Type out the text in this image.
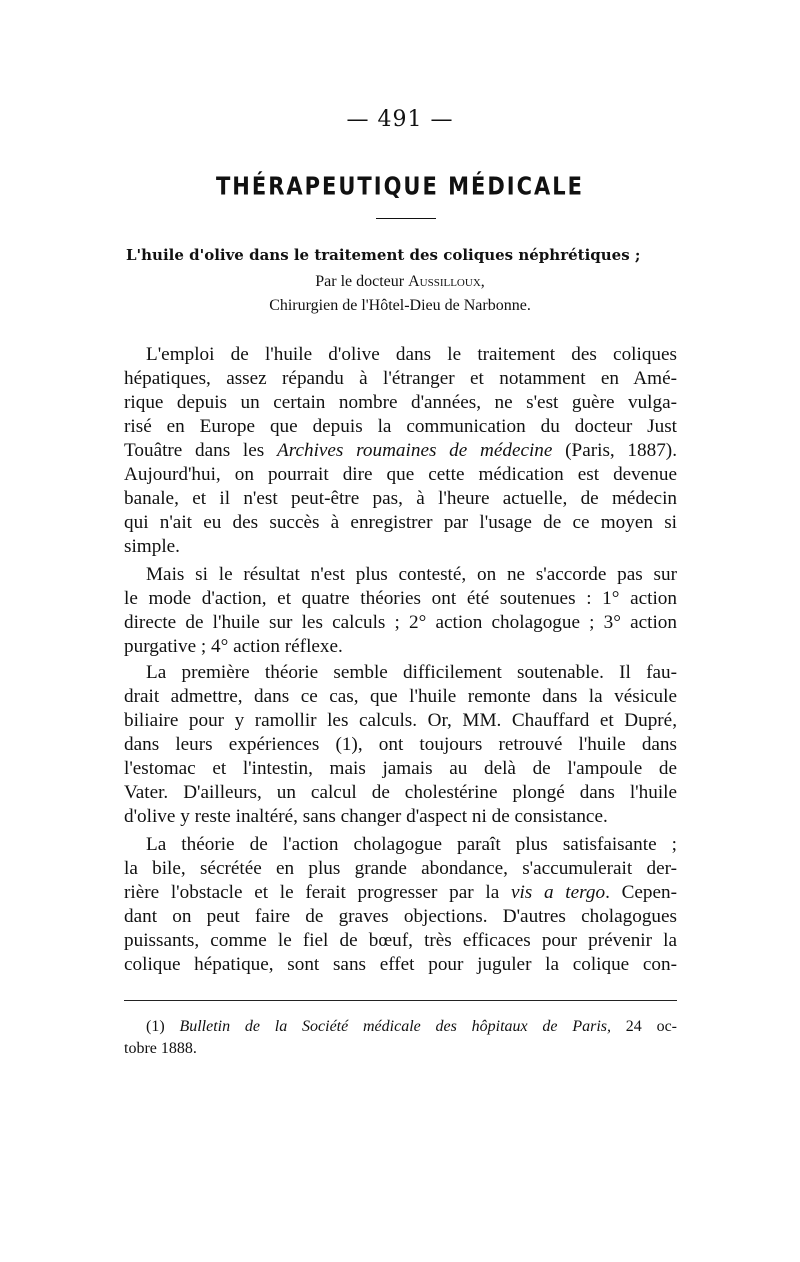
— 491 —
THÉRAPEUTIQUE MÉDICALE
L'huile d'olive dans le traitement des coliques néphrétiques ;
Par le docteur Aussilloux,
Chirurgien de l'Hôtel-Dieu de Narbonne.
L'emploi de l'huile d'olive dans le traitement des coliques
hépatiques, assez répandu à l'étranger et notamment en Amé-
rique depuis un certain nombre d'années, ne s'est guère vulga-
risé en Europe que depuis la communication du docteur Just
Touâtre dans les Archives roumaines de médecine (Paris, 1887).
Aujourd'hui, on pourrait dire que cette médication est devenue
banale, et il n'est peut-être pas, à l'heure actuelle, de médecin
qui n'ait eu des succès à enregistrer par l'usage de ce moyen si
simple.
Mais si le résultat n'est plus contesté, on ne s'accorde pas sur
le mode d'action, et quatre théories ont été soutenues : 1° action
directe de l'huile sur les calculs ; 2° action cholagogue ; 3° action
purgative ; 4° action réflexe.
La première théorie semble difficilement soutenable. Il fau-
drait admettre, dans ce cas, que l'huile remonte dans la vésicule
biliaire pour y ramollir les calculs. Or, MM. Chauffard et Dupré,
dans leurs expériences (1), ont toujours retrouvé l'huile dans
l'estomac et l'intestin, mais jamais au delà de l'ampoule de
Vater. D'ailleurs, un calcul de cholestérine plongé dans l'huile
d'olive y reste inaltéré, sans changer d'aspect ni de consistance.
La théorie de l'action cholagogue paraît plus satisfaisante ;
la bile, sécrétée en plus grande abondance, s'accumulerait der-
rière l'obstacle et le ferait progresser par la vis a tergo. Cepen-
dant on peut faire de graves objections. D'autres cholagogues
puissants, comme le fiel de bœuf, très efficaces pour prévenir la
colique hépatique, sont sans effet pour juguler la colique con-
(1) Bulletin de la Société médicale des hôpitaux de Paris, 24 oc-
tobre 1888.
